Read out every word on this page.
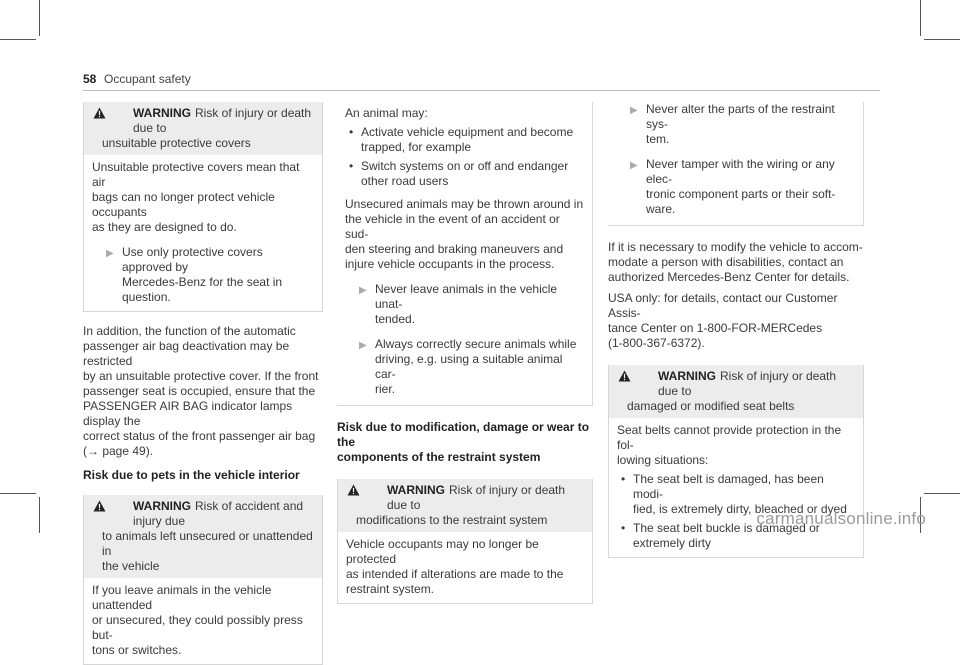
58 Occupant safety
WARNING Risk of injury or death due to
unsuitable protective covers

Unsuitable protective covers mean that air

bags can no longer protect vehicle occupants

as they are designed to do.

▶ Use only protective covers approved by

Mercedes-Benz for the seat in question.

In addition, the function of the automatic

passenger air bag deactivation may be restricted

by an unsuitable protective cover. If the front

passenger seat is occupied, ensure that the

PASSENGER AIR BAG indicator lamps display the

correct status of the front passenger air bag

(→ page 49).

Risk due to pets in the vehicle interior
WARNING Risk of accident and injury due
to animals left unsecured or unattended in
the vehicle

If you leave animals in the vehicle unattended

or unsecured, they could possibly press but-

tons or switches.

An animal may:

• Activate vehicle equipment and become

trapped, for example

• Switch systems on or off and endanger

other road users

Unsecured animals may be thrown around in

the vehicle in the event of an accident or sud-

den steering and braking maneuvers and

injure vehicle occupants in the process.

▶ Never leave animals in the vehicle unat-

tended.

▶ Always correctly secure animals while

driving, e.g. using a suitable animal car-

rier.

Risk due to modification, damage or wear to the

components of the restraint system

WARNING Risk of injury or death due to
modifications to the restraint system

Vehicle occupants may no longer be protected

as intended if alterations are made to the

restraint system.

▶ Never alter the parts of the restraint sys-

tem.

▶ Never tamper with the wiring or any elec-

tronic component parts or their soft-

ware.

If it is necessary to modify the vehicle to accom-

modate a person with disabilities, contact an

authorized Mercedes-Benz Center for details.

USA only: for details, contact our Customer Assis-

tance Center on 1-800-FOR-MERCedes

(1-800-367-6372).

WARNING Risk of injury or death due to
damaged or modified seat belts

Seat belts cannot provide protection in the fol-

lowing situations:

• The seat belt is damaged, has been modi-

fied, is extremely dirty, bleached or dyed

• The seat belt buckle is damaged or

extremely dirty

carmanualsonline.info
